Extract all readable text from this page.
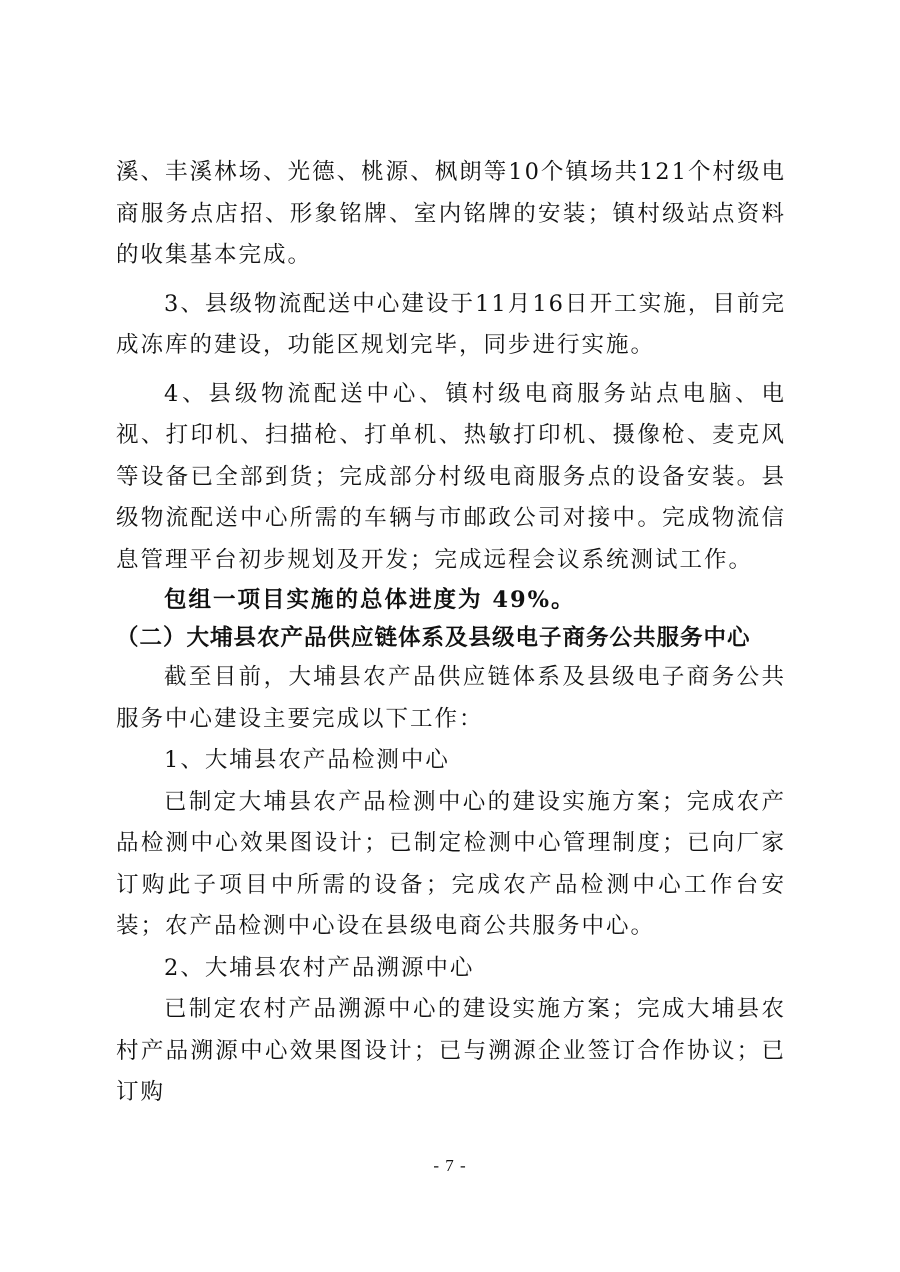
溪、丰溪林场、光德、桃源、枫朗等10个镇场共121个村级电商服务点店招、形象铭牌、室内铭牌的安装；镇村级站点资料的收集基本完成。

3、县级物流配送中心建设于11月16日开工实施，目前完成冻库的建设，功能区规划完毕，同步进行实施。

4、县级物流配送中心、镇村级电商服务站点电脑、电视、打印机、扫描枪、打单机、热敏打印机、摄像枪、麦克风等设备已全部到货；完成部分村级电商服务点的设备安装。县级物流配送中心所需的车辆与市邮政公司对接中。完成物流信息管理平台初步规划及开发；完成远程会议系统测试工作。

包组一项目实施的总体进度为 49%。

（二）大埔县农产品供应链体系及县级电子商务公共服务中心

截至目前，大埔县农产品供应链体系及县级电子商务公共服务中心建设主要完成以下工作：

1、大埔县农产品检测中心

已制定大埔县农产品检测中心的建设实施方案；完成农产品检测中心效果图设计；已制定检测中心管理制度；已向厂家订购此子项目中所需的设备；完成农产品检测中心工作台安装；农产品检测中心设在县级电商公共服务中心。

2、大埔县农村产品溯源中心

已制定农村产品溯源中心的建设实施方案；完成大埔县农村产品溯源中心效果图设计；已与溯源企业签订合作协议；已订购

- 7 -
